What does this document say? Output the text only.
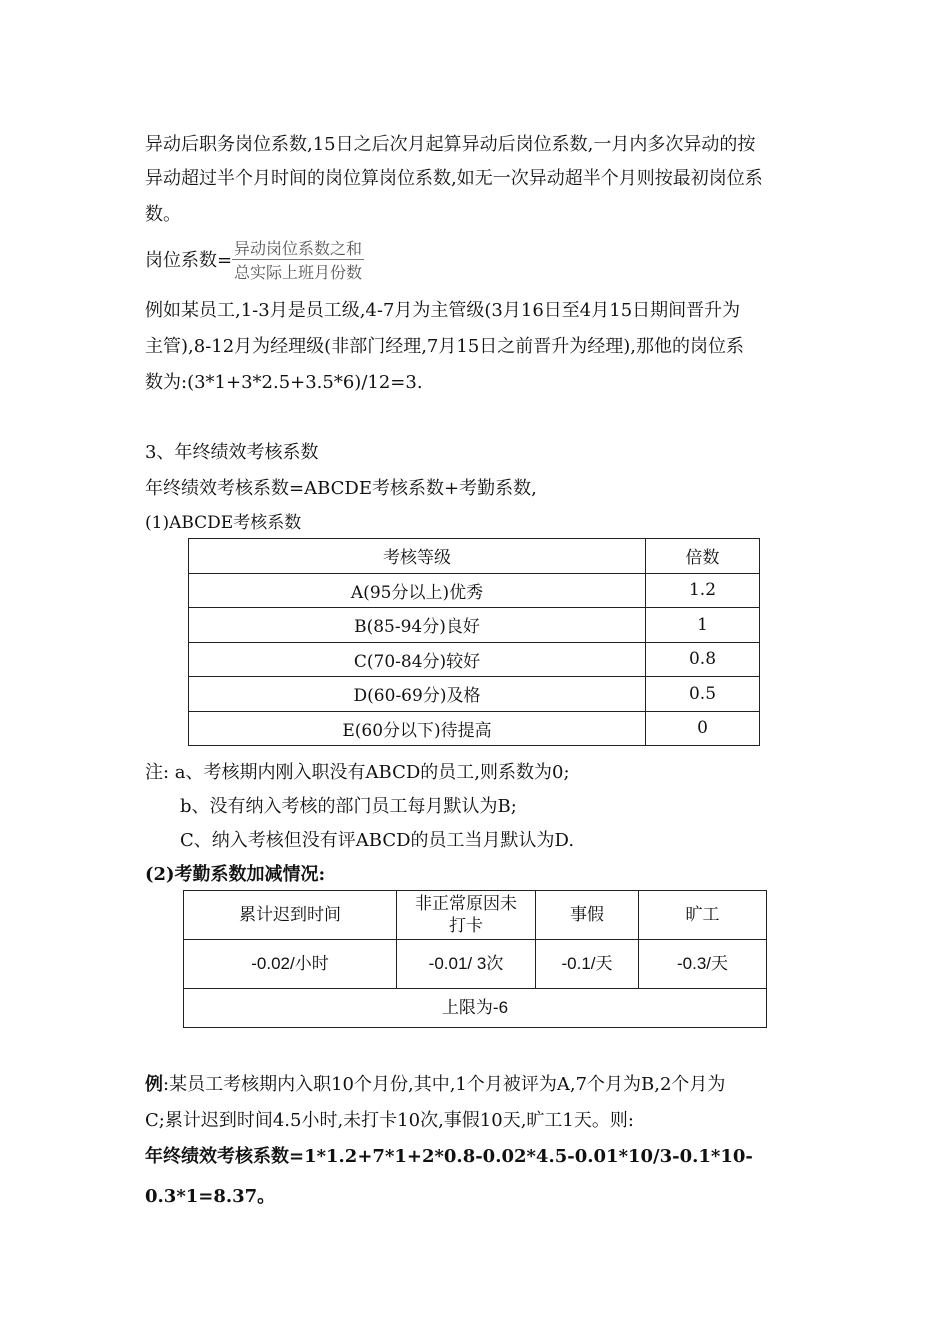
异动后职务岗位系数,15日之后次月起算异动后岗位系数,一月内多次异动的按
异动超过半个月时间的岗位算岗位系数,如无一次异动超半个月则按最初岗位系
数。
岗位系数=
异动岗位系数之和
总实际上班月份数
例如某员工,1-3月是员工级,4-7月为主管级(3月16日至4月15日期间晋升为
主管),8-12月为经理级(非部门经理,7月15日之前晋升为经理),那他的岗位系
数为:(3*1+3*2.5+3.5*6)/12=3.
3、年终绩效考核系数
年终绩效考核系数=ABCDE考核系数+考勤系数,
(1)ABCDE考核系数
考核等级	倍数
A(95分以上)优秀	1.2
B(85-94分)良好	1
C(70-84分)较好	0.8
D(60-69分)及格	0.5
E(60分以下)待提高	0
注: a、考核期内刚入职没有ABCD的员工,则系数为0;
b、没有纳入考核的部门员工每月默认为B;
C、纳入考核但没有评ABCD的员工当月默认为D.
(2)考勤系数加减情况:
累计迟到时间	非正常原因未打卡	事假	旷工
-0.02/小时	-0.01/ 3次	-0.1/天	-0.3/天
上限为-6			
例:某员工考核期内入职10个月份,其中,1个月被评为A,7个月为B,2个月为
C;累计迟到时间4.5小时,未打卡10次,事假10天,旷工1天。则:
年终绩效考核系数=1*1.2+7*1+2*0.8-0.02*4.5-0.01*10/3-0.1*10-
0.3*1=8.37。
